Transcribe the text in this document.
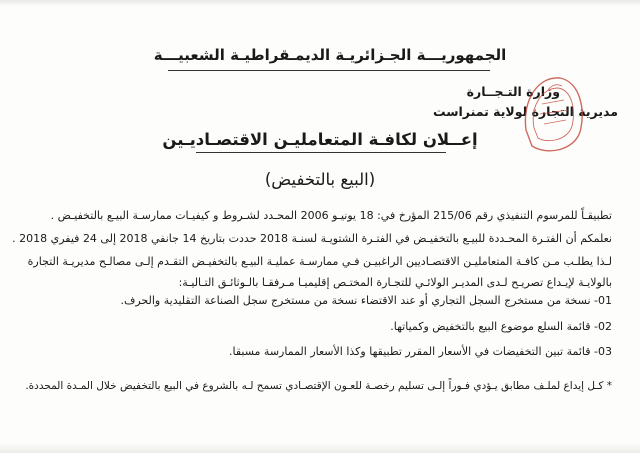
الجمهوريـــة الجـزائريـة الديمـقراطيـة الشعبيـــة
وزارة التـجــارة
مديرية التجارة لولاية تمنراست
إعــلان لكافـة المتعامليـن الاقتصـاديـين
(البيع بالتخفيض)
تطبيقـاً للمرسوم التنفيذي رقم 215/06 المؤرخ في: 18 يونيـو 2006 المحـدد لشـروط و كيفيـات ممارسـة البيـع بالتخفيـض .
نعلمكم أن الفتـرة المحـددة للبيـع بالتخفيـض في الفتـرة الشتويـة لسنـة 2018 حددت بتاريخ 14 جانفي 2018 إلى 24 فيفري 2018 .
لـذا يطلـب مـن كافـة المتعامليـن الاقتصـاديين الراغبيـن فـي ممارسـة عمليـة البيـع بالتخفيـض التقـدم إلـى مصالـح مديريـة التجارة
بالولايـة لإيـداع تصريـح لـدى المديـر الولائـي للتجـارة المختـص إقليميـا مـرفقـا بالـوثائـق التـاليـة:
01- نسخة من مستخرج السجل التجاري أو عند الاقتضاء نسخة من مستخرج سجل الصناعة التقليدية والحرف.
02- قائمة السلع موضوع البيع بالتخفيض وكمياتها.
03- قائمة تبين التخفيضات في الأسعار المقرر تطبيقها وكذا الأسعار الممارسة مسبقا.
* كـل إيداع لملـف مطابق يـؤدي فـوراً إلـى تسليم رخصـة للعـون الإقتصـادي تسمح لـه بالشروع في البيع بالتخفيض خلال المـدة المحددة.
